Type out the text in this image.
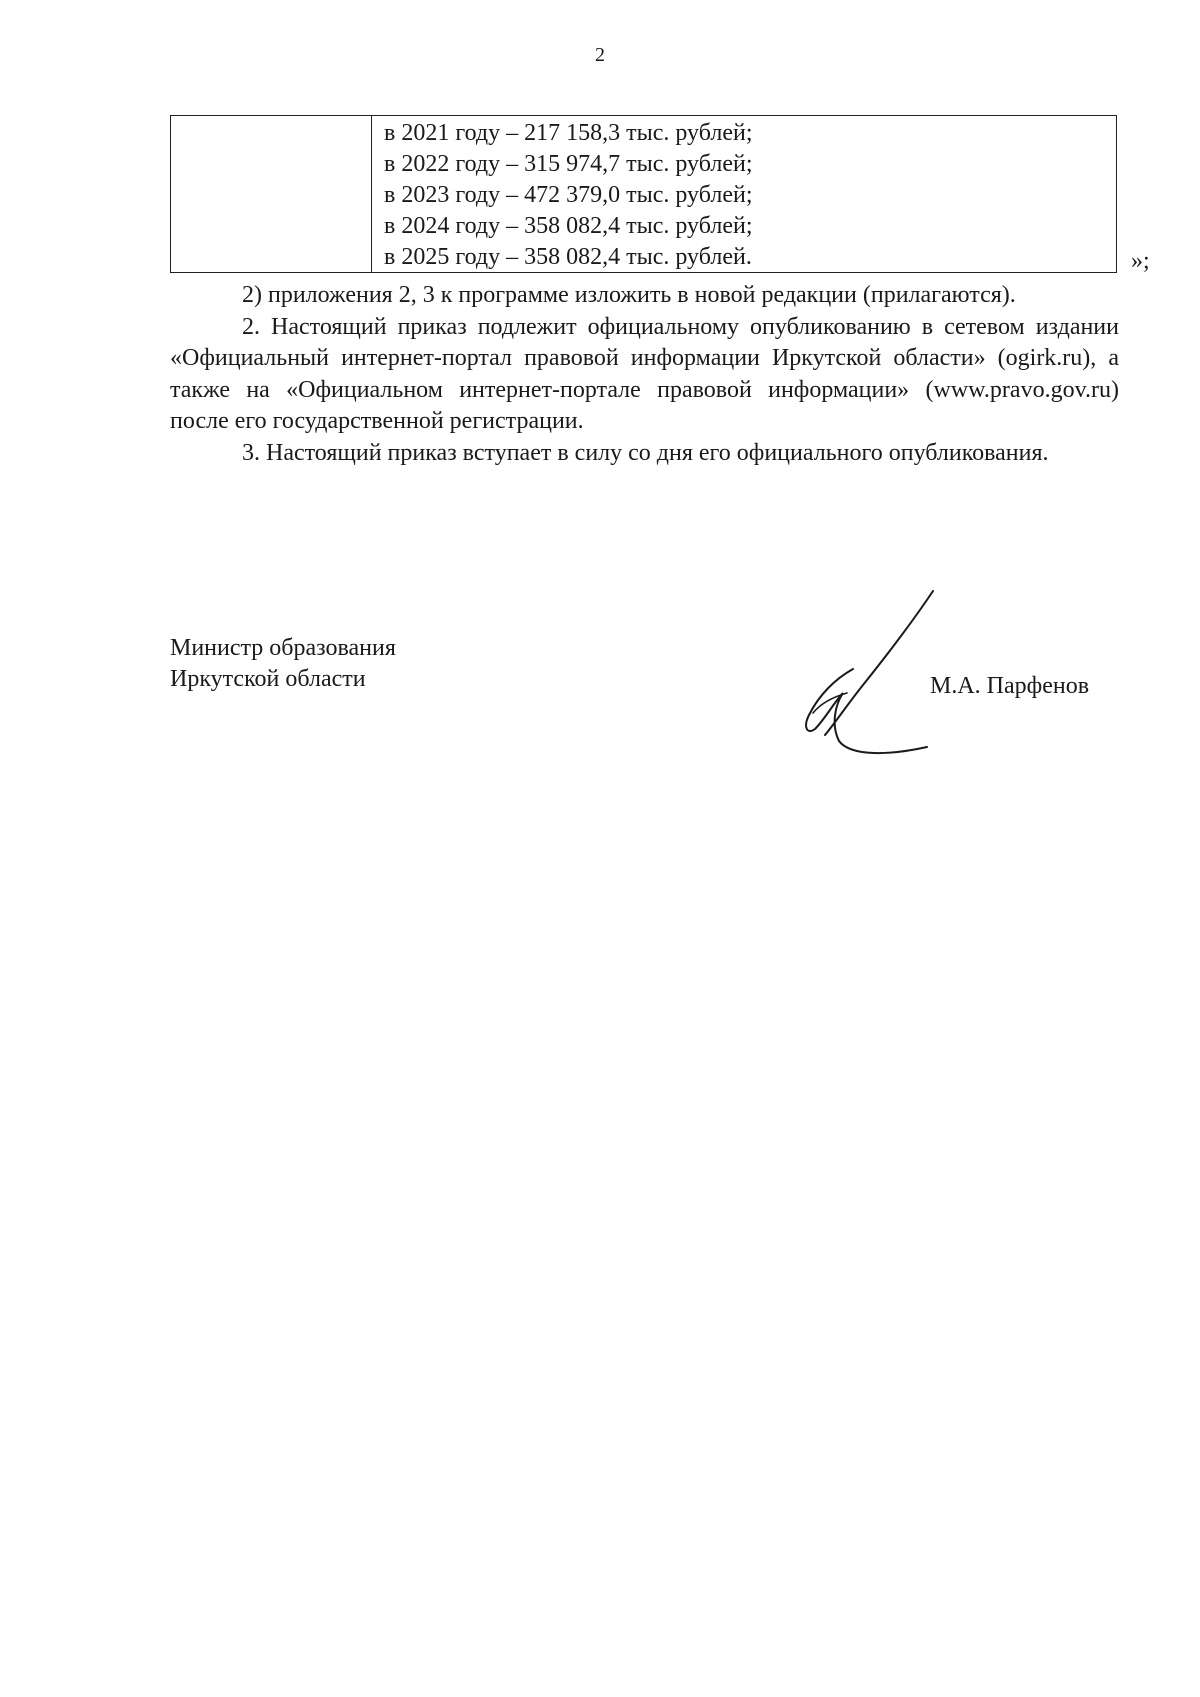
2
в 2021 году – 217 158,3 тыс. рублей;
в 2022 году – 315 974,7 тыс. рублей;
в 2023 году – 472 379,0 тыс. рублей;
в 2024 году – 358 082,4 тыс. рублей;
в 2025 году – 358 082,4 тыс. рублей.	»;

2) приложения 2, 3 к программе изложить в новой редакции (прилагаются).

2. Настоящий приказ подлежит официальному опубликованию в сетевом издании «Официальный интернет-портал правовой информации Иркутской области» (ogirk.ru), а также на «Официальном интернет-портале правовой информации» (www.pravo.gov.ru) после его государственной регистрации.

3. Настоящий приказ вступает в силу со дня его официального опубликования.

Министр образования
Иркутской области	М.А. Парфенов
